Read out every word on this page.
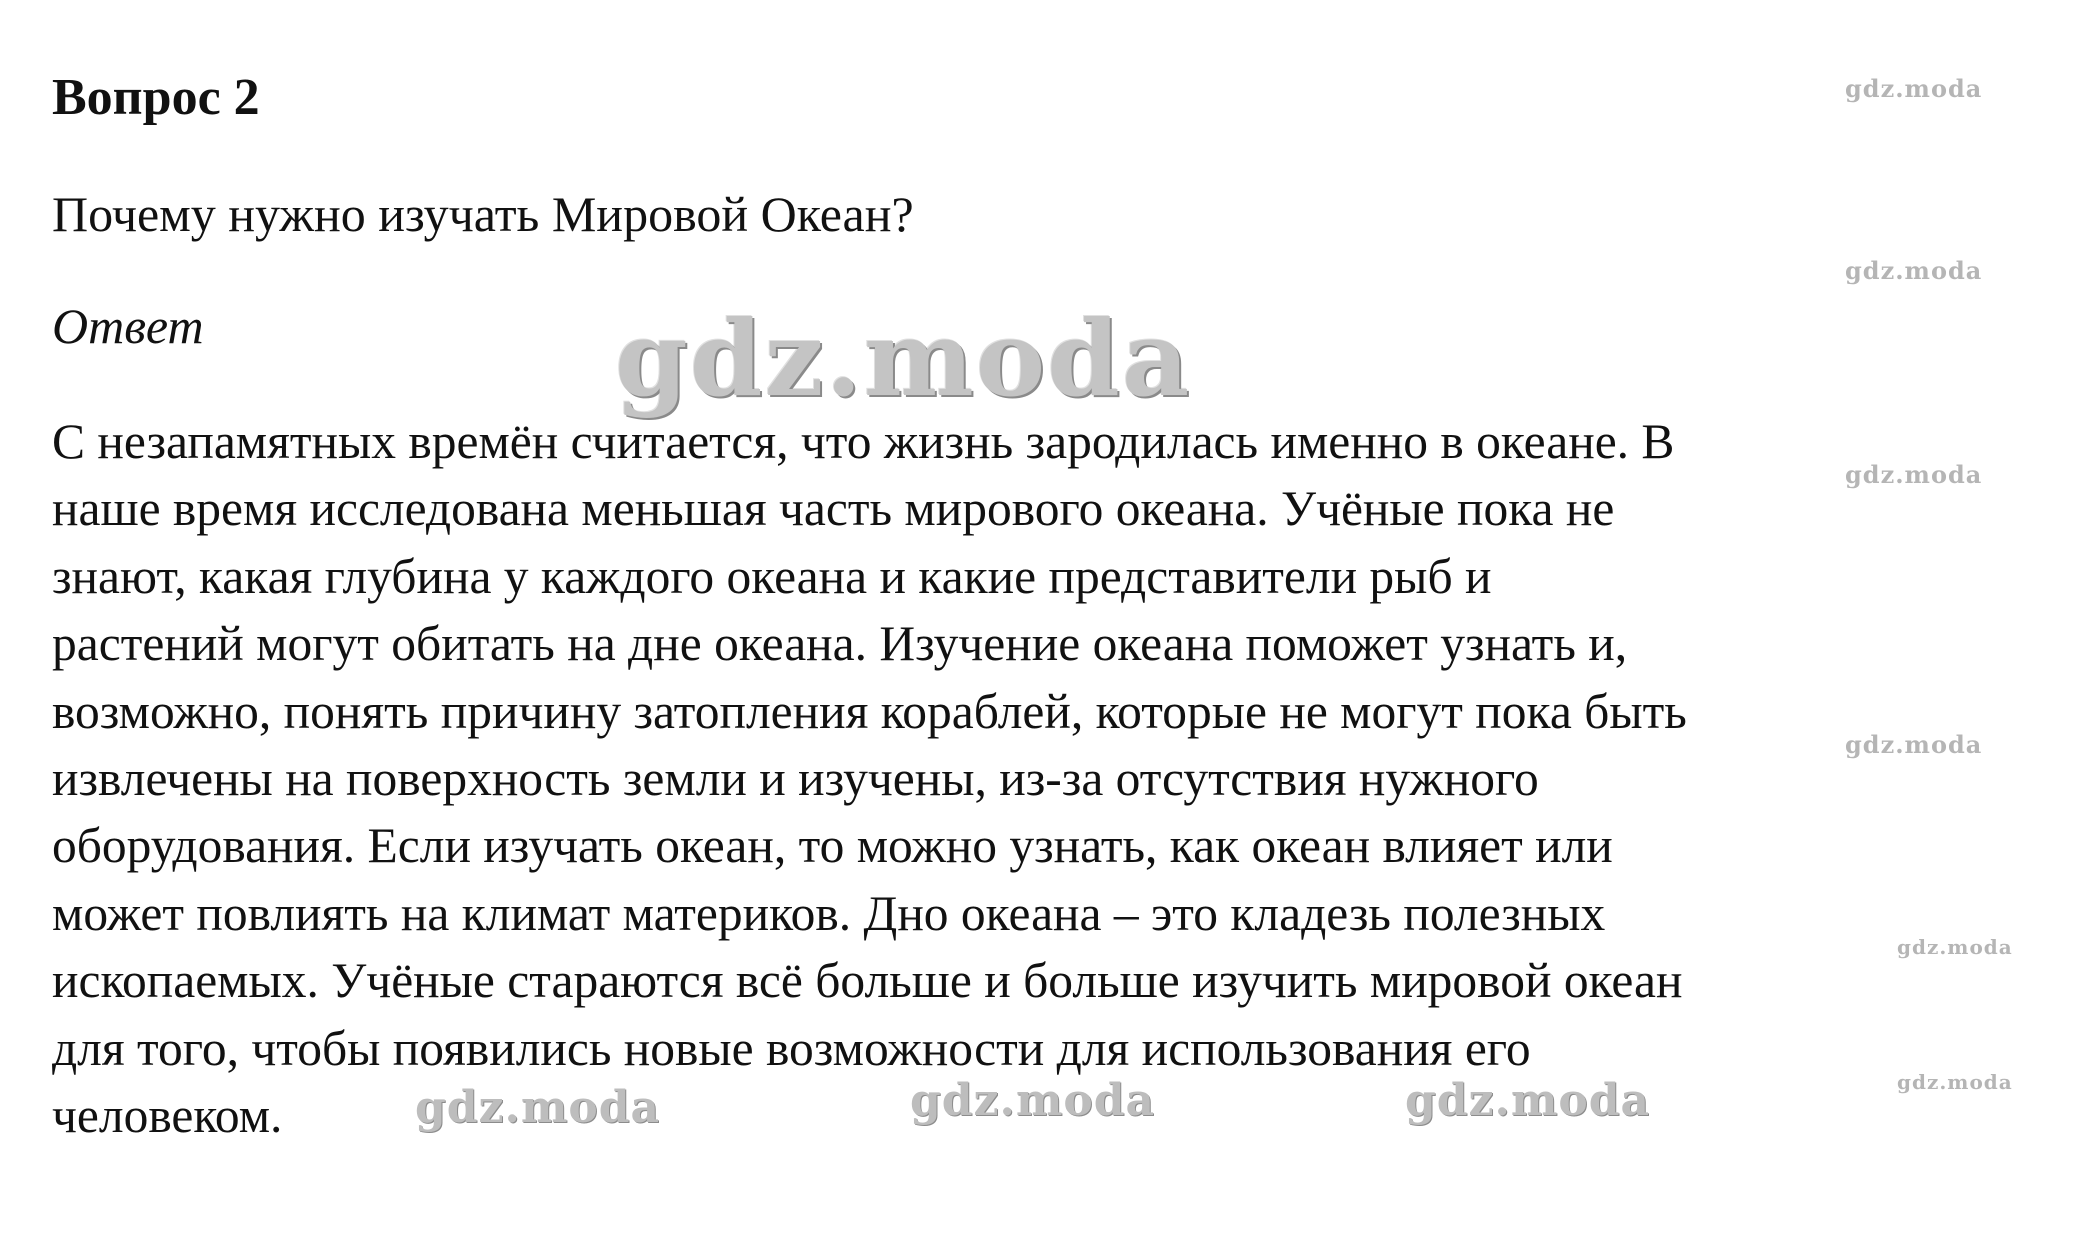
Вопрос 2
Почему нужно изучать Мировой Океан?
Ответ
С незапамятных времён считается, что жизнь зародилась именно в океане. В
наше время исследована меньшая часть мирового океана. Учёные пока не
знают, какая глубина у каждого океана и какие представители рыб и
растений могут обитать на дне океана. Изучение океана поможет узнать и,
возможно, понять причину затопления кораблей, которые не могут пока быть
извлечены на поверхность земли и изучены, из-за отсутствия нужного
оборудования. Если изучать океан, то можно узнать, как океан влияет или
может повлиять на климат материков. Дно океана – это кладезь полезных
ископаемых. Учёные стараются всё больше и больше изучить мировой океан
для того, чтобы появились новые возможности для использования его
человеком.
gdz.moda
gdz.moda
gdz.moda
gdz.moda
gdz.moda
gdz.moda
gdz.moda
gdz.moda	gdz.moda	gdz.moda
